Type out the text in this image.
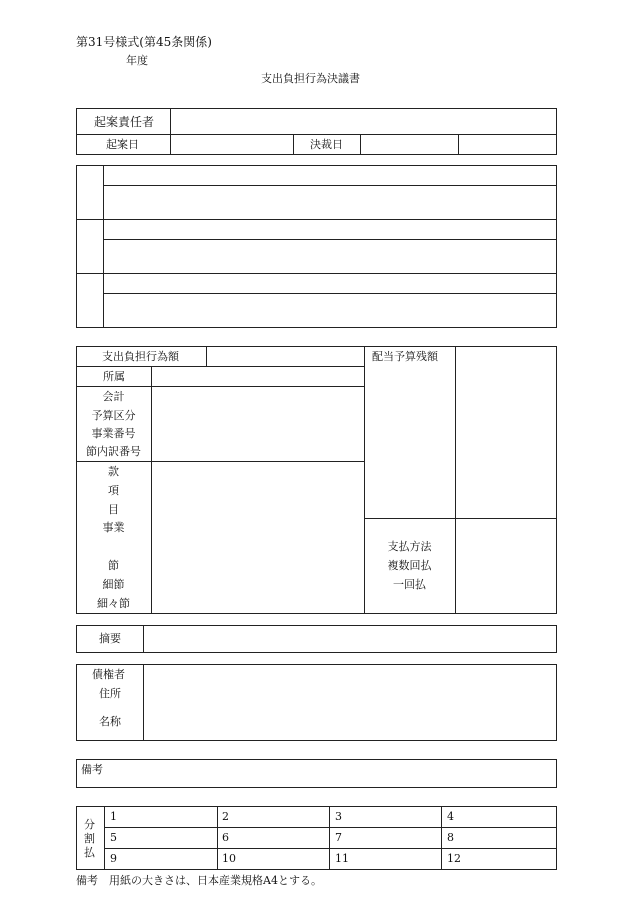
第31号様式(第45条関係)
年度
支出負担行為決議書
起案責任者
起案日	決裁日
支出負担行為額	配当予算残額
所属
会計
予算区分
事業番号
節内訳番号
款
項
目
事業
節
細節
細々節
支払方法
複数回払
一回払
摘要
債権者
住所
名称
備考
分割払
1	2	3	4
5	6	7	8
9	10	11	12
備考　用紙の大きさは、日本産業規格A4とする。
